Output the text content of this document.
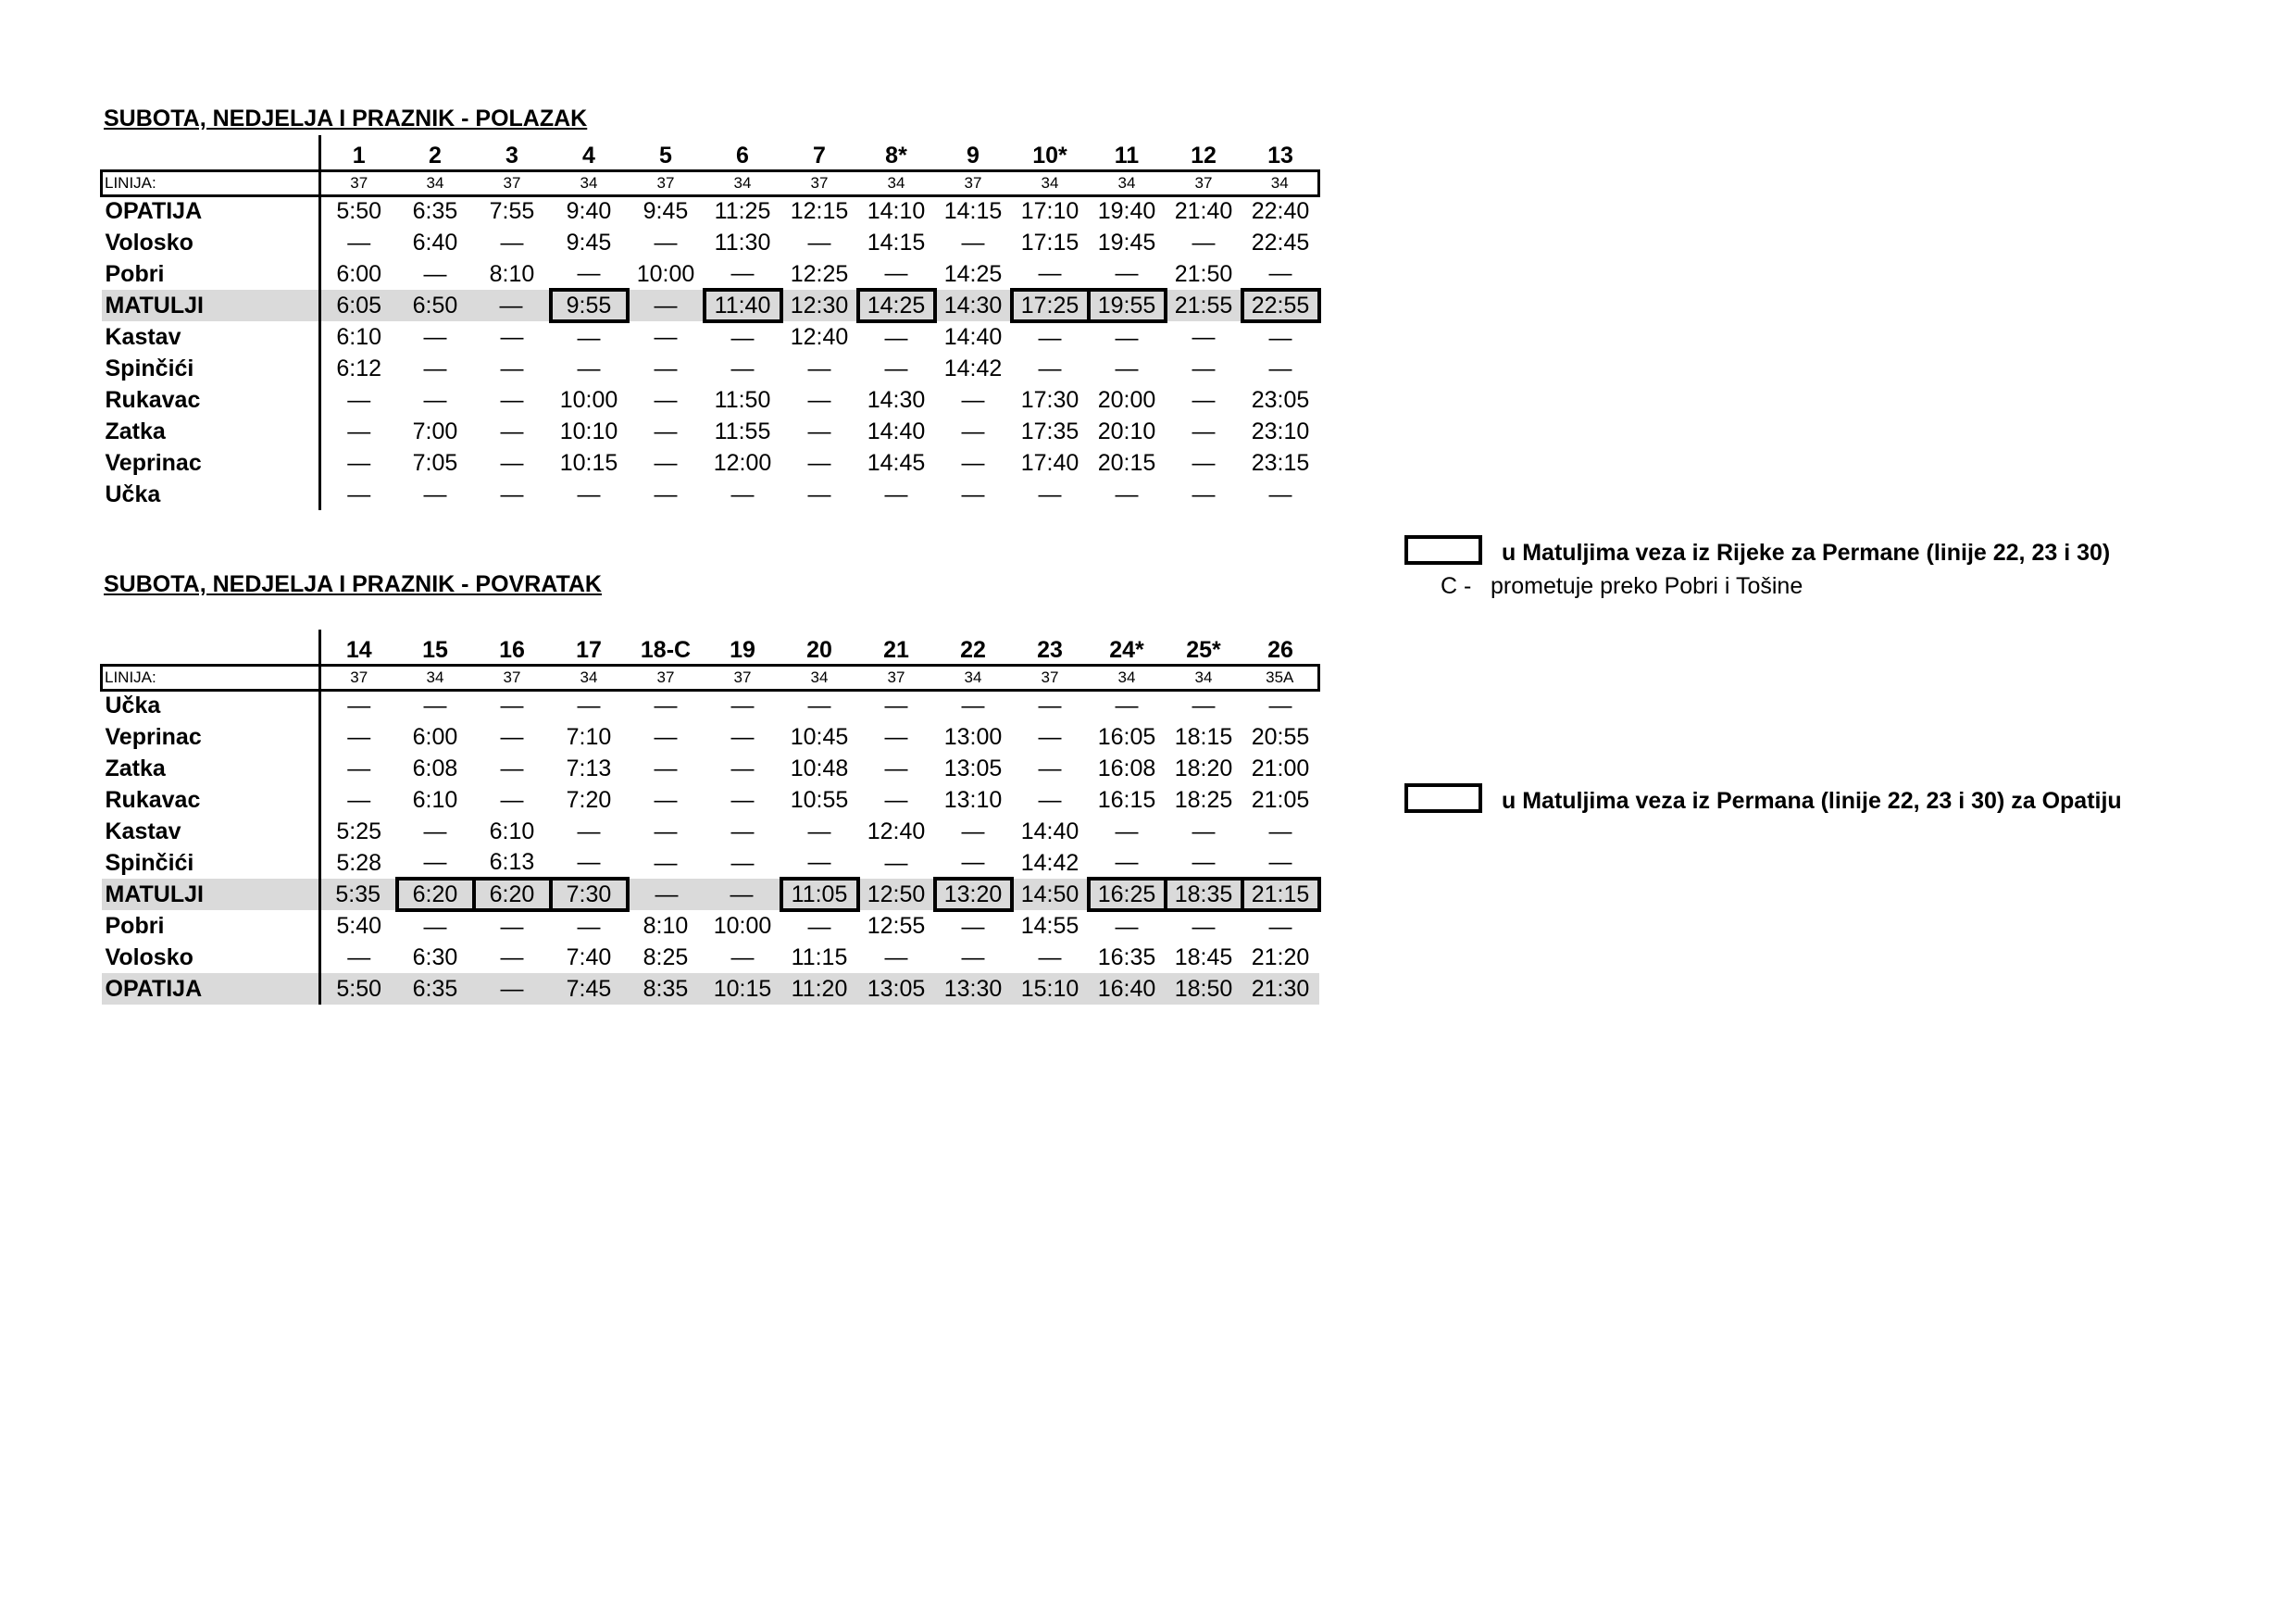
SUBOTA, NEDJELJA I PRAZNIK - POLAZAK
	1	2	3	4	5	6	7	8*	9	10*	11	12	13
LINIJA:	37	34	37	34	37	34	37	34	37	34	34	37	34
OPATIJA	5:50	6:35	7:55	9:40	9:45	11:25	12:15	14:10	14:15	17:10	19:40	21:40	22:40
Volosko	—	6:40	—	9:45	—	11:30	—	14:15	—	17:15	19:45	—	22:45
Pobri	6:00	—	8:10	—	10:00	—	12:25	—	14:25	—	—	21:50	—
MATULJI	6:05	6:50	—	9:55	—	11:40	12:30	14:25	14:30	17:25	19:55	21:55	22:55
Kastav	6:10	—	—	—	—	—	12:40	—	14:40	—	—	—	—
Spinčići	6:12	—	—	—	—	—	—	—	14:42	—	—	—	—
Rukavac	—	—	—	10:00	—	11:50	—	14:30	—	17:30	20:00	—	23:05
Zatka	—	7:00	—	10:10	—	11:55	—	14:40	—	17:35	20:10	—	23:10
Veprinac	—	7:05	—	10:15	—	12:00	—	14:45	—	17:40	20:15	—	23:15
Učka	—	—	—	—	—	—	—	—	—	—	—	—	—
SUBOTA, NEDJELJA I PRAZNIK - POVRATAK
	14	15	16	17	18-C	19	20	21	22	23	24*	25*	26
LINIJA:	37	34	37	34	37	37	34	37	34	37	34	34	35A
Učka	—	—	—	—	—	—	—	—	—	—	—	—	—
Veprinac	—	6:00	—	7:10	—	—	10:45	—	13:00	—	16:05	18:15	20:55
Zatka	—	6:08	—	7:13	—	—	10:48	—	13:05	—	16:08	18:20	21:00
Rukavac	—	6:10	—	7:20	—	—	10:55	—	13:10	—	16:15	18:25	21:05
Kastav	5:25	—	6:10	—	—	—	—	12:40	—	14:40	—	—	—
Spinčići	5:28	—	6:13	—	—	—	—	—	—	14:42	—	—	—
MATULJI	5:35	6:20	6:20	7:30	—	—	11:05	12:50	13:20	14:50	16:25	18:35	21:15
Pobri	5:40	—	—	—	8:10	10:00	—	12:55	—	14:55	—	—	—
Volosko	—	6:30	—	7:40	8:25	—	11:15	—	—	—	16:35	18:45	21:20
OPATIJA	5:50	6:35	—	7:45	8:35	10:15	11:20	13:05	13:30	15:10	16:40	18:50	21:30
u Matuljima veza iz Rijeke za Permane (linije 22, 23 i 30)
C - prometuje preko Pobri i Tošine
u Matuljima veza iz Permana (linije 22, 23 i 30) za Opatiju
